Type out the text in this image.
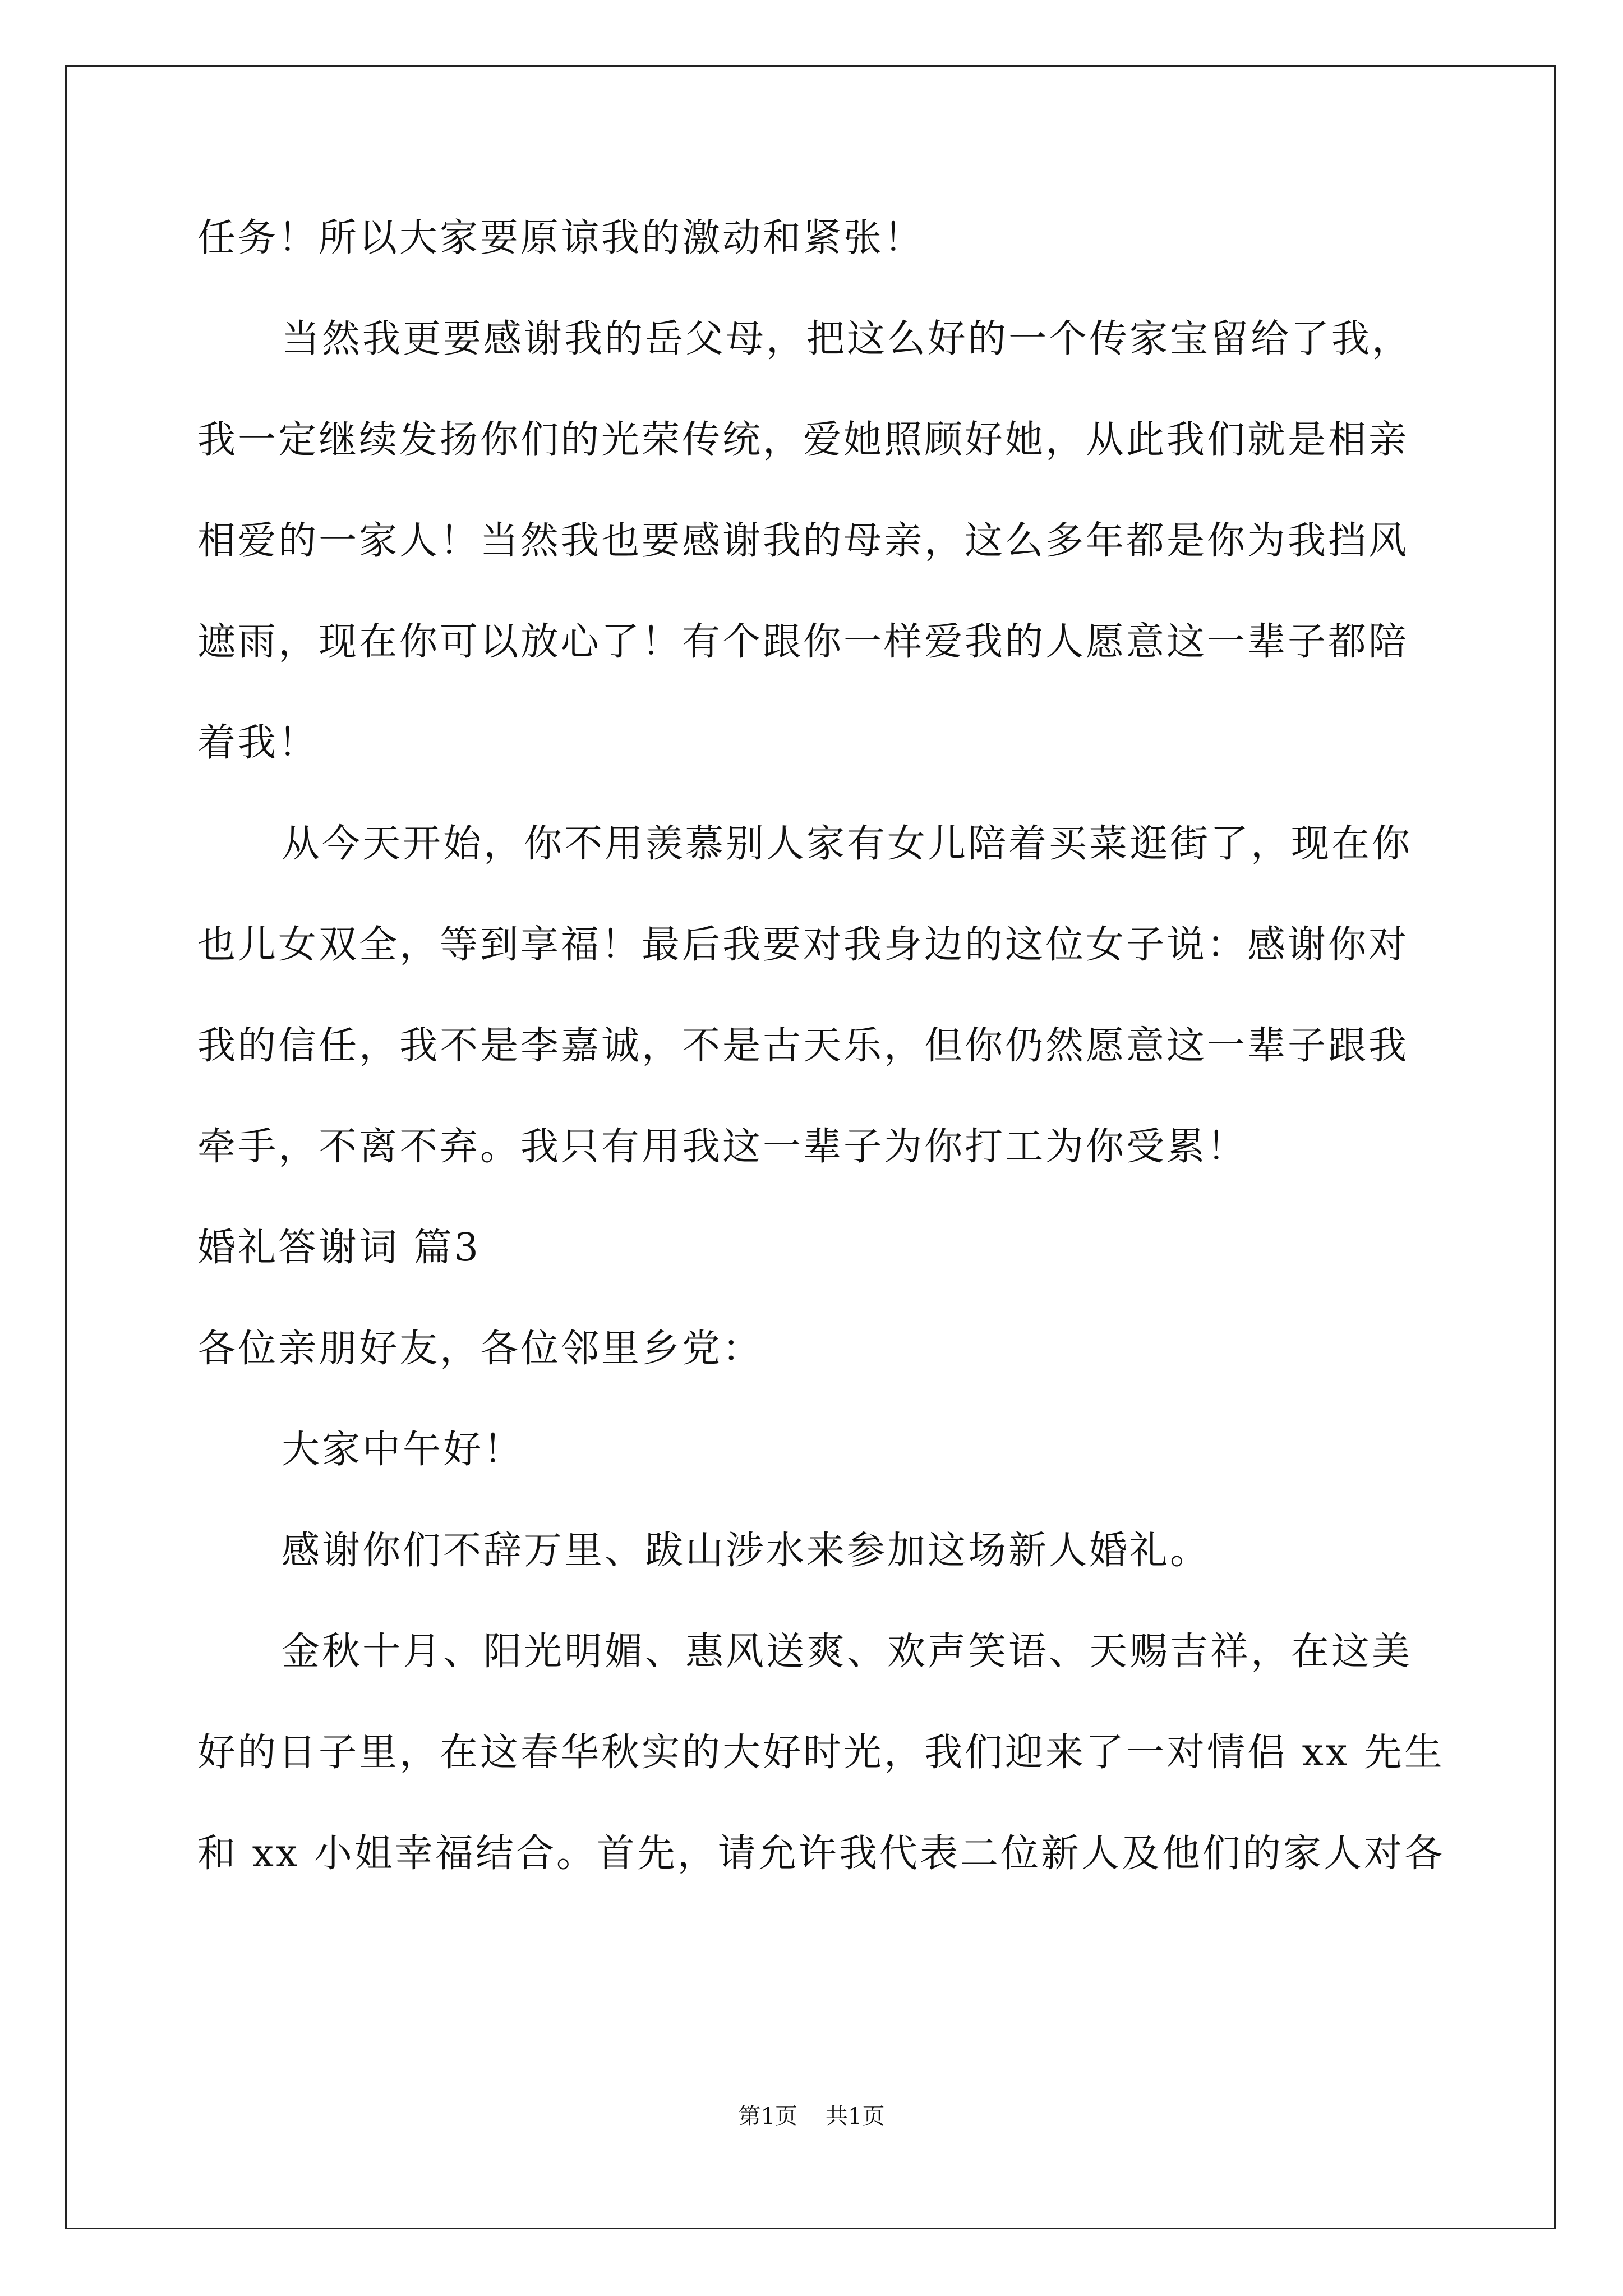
任务！所以大家要原谅我的激动和紧张！
当然我更要感谢我的岳父母，把这么好的一个传家宝留给了我，
我一定继续发扬你们的光荣传统，爱她照顾好她，从此我们就是相亲
相爱的一家人！当然我也要感谢我的母亲，这么多年都是你为我挡风
遮雨，现在你可以放心了！有个跟你一样爱我的人愿意这一辈子都陪
着我！
从今天开始，你不用羡慕别人家有女儿陪着买菜逛街了，现在你
也儿女双全，等到享福！最后我要对我身边的这位女子说：感谢你对
我的信任，我不是李嘉诚，不是古天乐，但你仍然愿意这一辈子跟我
牵手，不离不弃。我只有用我这一辈子为你打工为你受累！
婚礼答谢词 篇3
各位亲朋好友，各位邻里乡党：
大家中午好！
感谢你们不辞万里、跋山涉水来参加这场新人婚礼。
金秋十月、阳光明媚、惠风送爽、欢声笑语、天赐吉祥，在这美
好的日子里，在这春华秋实的大好时光，我们迎来了一对情侣 xx 先生
和 xx 小姐幸福结合。首先，请允许我代表二位新人及他们的家人对各
第1页 共1页
